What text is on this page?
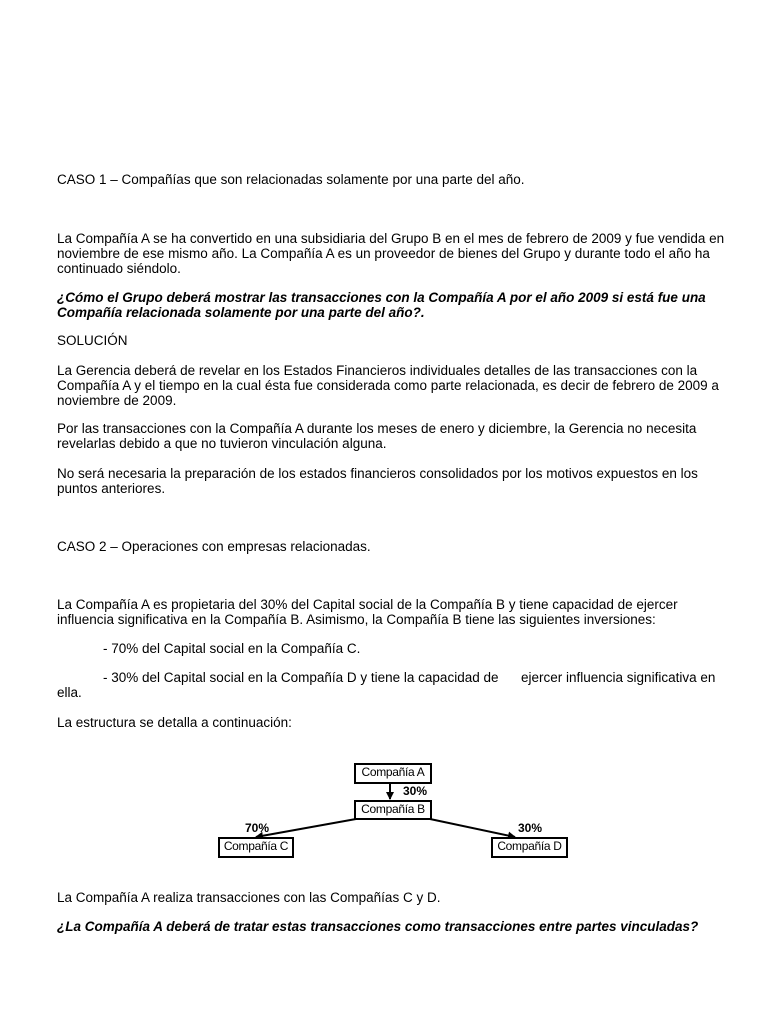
CASO 1 – Compañías que son relacionadas solamente por una parte del año.

La Compañía A se ha convertido en una subsidiaria del Grupo B en el mes de febrero de 2009 y fue vendida en noviembre de ese mismo año. La Compañía A es un proveedor de bienes del Grupo y durante todo el año ha continuado siéndolo.

¿Cómo el Grupo deberá mostrar las transacciones con la Compañía A por el año 2009 si está fue una Compañía relacionada solamente por una parte del año?.

SOLUCIÓN

La Gerencia deberá de revelar en los Estados Financieros individuales detalles de las transacciones con la Compañía A y el tiempo en la cual ésta fue considerada como parte relacionada, es decir de febrero de 2009 a noviembre de 2009.

Por las transacciones con la Compañía A durante los meses de enero y diciembre, la Gerencia no necesita revelarlas debido a que no tuvieron vinculación alguna.

No será necesaria la preparación de los estados financieros consolidados por los motivos expuestos en los puntos anteriores.

CASO 2 – Operaciones con empresas relacionadas.

La Compañía A es propietaria del 30% del Capital social de la Compañía B y tiene capacidad de ejercer influencia significativa en la Compañía B. Asimismo, la Compañía B tiene las siguientes inversiones:

- 70% del Capital social en la Compañía C.

- 30% del Capital social en la Compañía D y tiene la capacidad de ejercer influencia significativa en
ella.

La estructura se detalla a continuación:

Compañía A
30%
Compañía B
70%	30%
Compañía C	Compañía D

La Compañía A realiza transacciones con las Compañías C y D.

¿La Compañía A deberá de tratar estas transacciones como transacciones entre partes vinculadas?
